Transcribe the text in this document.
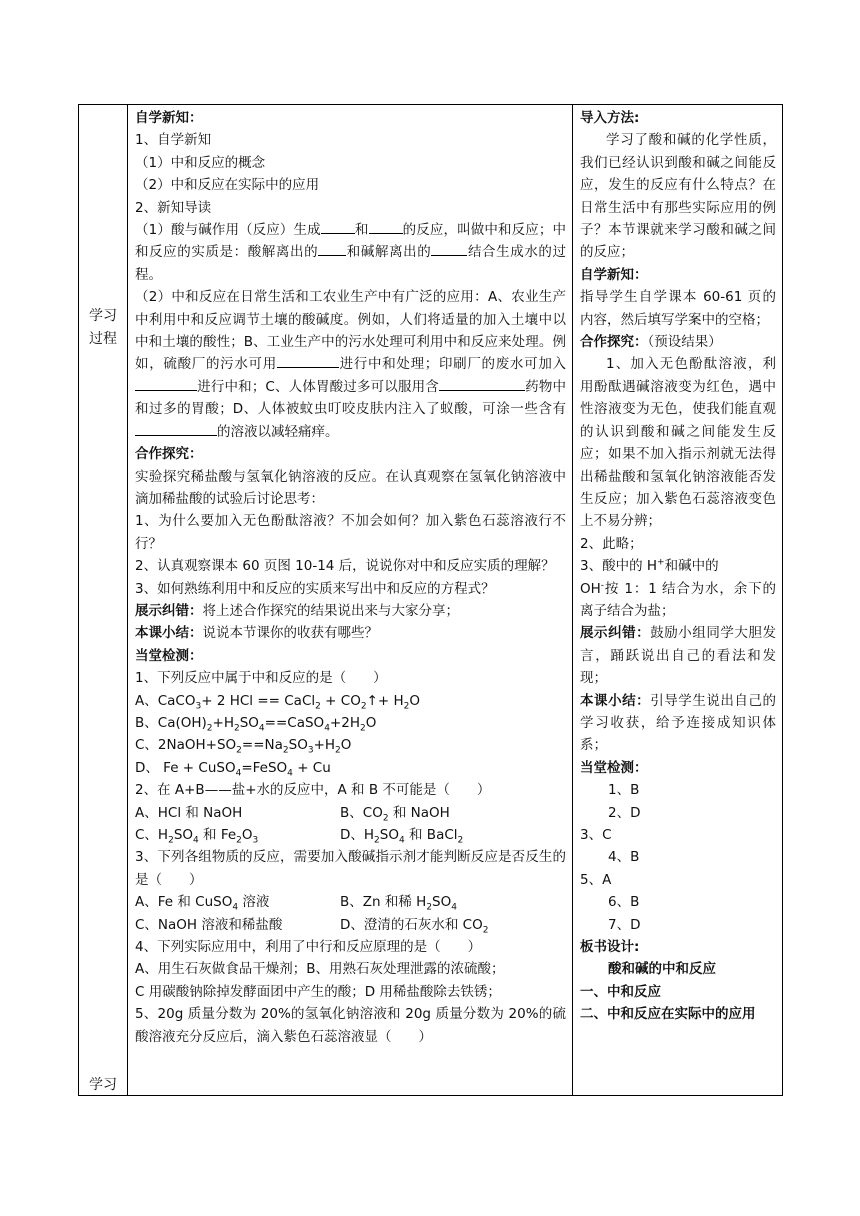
学习
过程
学习

自学新知：
1、自学新知
（1）中和反应的概念
（2）中和反应在实际中的应用
2、新知导读
（1）酸与碱作用（反应）生成	和	的反应，叫做中和反应；中和反应的实质是：酸解离出的 和碱解离出的	结合生成水的过程。
（2）中和反应在日常生活和工农业生产中有广泛的应用：A、农业生产中利用中和反应调节土壤的酸碱度。例如，人们将适量的加入土壤中以中和土壤的酸性；B、工业生产中的污水处理可利用中和反应来处理。例如，硫酸厂的污水可用	进行中和处理；印刷厂的废水可加入进行中和；C、人体胃酸过多可以服用含	药物中和过多的胃酸；D、人体被蚊虫叮咬皮肤内注入了蚁酸，可涂一些含有的溶液以减轻痛痒。
合作探究：
实验探究稀盐酸与氢氧化钠溶液的反应。在认真观察在氢氧化钠溶液中滴加稀盐酸的试验后讨论思考：
1、为什么要加入无色酚酞溶液？不加会如何？加入紫色石蕊溶液行不行？
2、认真观察课本 60 页图 10-14 后，说说你对中和反应实质的理解？
3、如何熟练利用中和反应的实质来写出中和反应的方程式？
展示纠错：将上述合作探究的结果说出来与大家分享；
本课小结：说说本节课你的收获有哪些？
当堂检测：
1、下列反应中属于中和反应的是（　　）
A、CaCO$_3$+ 2 HCl == CaCl$_2$ + $CO_2↑+ H_2O$
B、$Ca(OH)_2+H_2SO_4==CaSO_4+2H_2O$
C、$2NaOH+SO_2==Na_2SO_3+H_2O$
D、 Fe + CuSO$_4$=FeSO$_4$ + Cu
2、在 A+B——盐+水的反应中，A 和 B 不可能是（　　）
A、HCl 和 NaOH	B、$CO_2$ 和 NaOH
C、$H_2SO_4$ 和 $Fe_2O_3$	D、$H_2SO_4$ 和 BaCl$_2$
3、下列各组物质的反应，需要加入酸碱指示剂才能判断反应是否反生的是（　　）
A、Fe 和 CuSO$_4$ 溶液	B、Zn 和稀 $H_2SO_4$
C、NaOH 溶液和稀盐酸	D、澄清的石灰水和 $CO_2$
4、下列实际应用中，利用了中行和反应原理的是（　　）
A、用生石灰做食品干燥剂；B、用熟石灰处理泄露的浓硫酸；
C 用碳酸钠除掉发酵面团中产生的酸；D 用稀盐酸除去铁锈；
5、20g 质量分数为 20%的氢氧化钠溶液和 20g 质量分数为 20%的硫酸溶液充分反应后，滴入紫色石蕊溶液显（　　）

导入方法:
学习了酸和碱的化学性质，我们已经认识到酸和碱之间能反应，发生的反应有什么特点？在日常生活中有那些实际应用的例子？本节课就来学习酸和碱之间的反应；
自学新知：
指导学生自学课本 60-61 页的内容，然后填写学案中的空格；
合作探究：（预设结果）
1、加入无色酚酞溶液，利用酚酞遇碱溶液变为红色，遇中性溶液变为无色，使我们能直观的认识到酸和碱之间能发生反应；如果不加入指示剂就无法得出稀盐酸和氢氧化钠溶液能否发生反应；加入紫色石蕊溶液变色上不易分辨；
2、此略；
3、酸中的 H+和碱中的
OH-按 1：1 结合为水，余下的离子结合为盐；
展示纠错：鼓励小组同学大胆发言，踊跃说出自己的看法和发现；
本课小结：引导学生说出自己的学习收获，给予连接成知识体系；
当堂检测：
1、B
2、D
3、C
4、B
5、A
6、B
7、D
板书设计:
酸和碱的中和反应
一、中和反应
二、中和反应在实际中的应用
